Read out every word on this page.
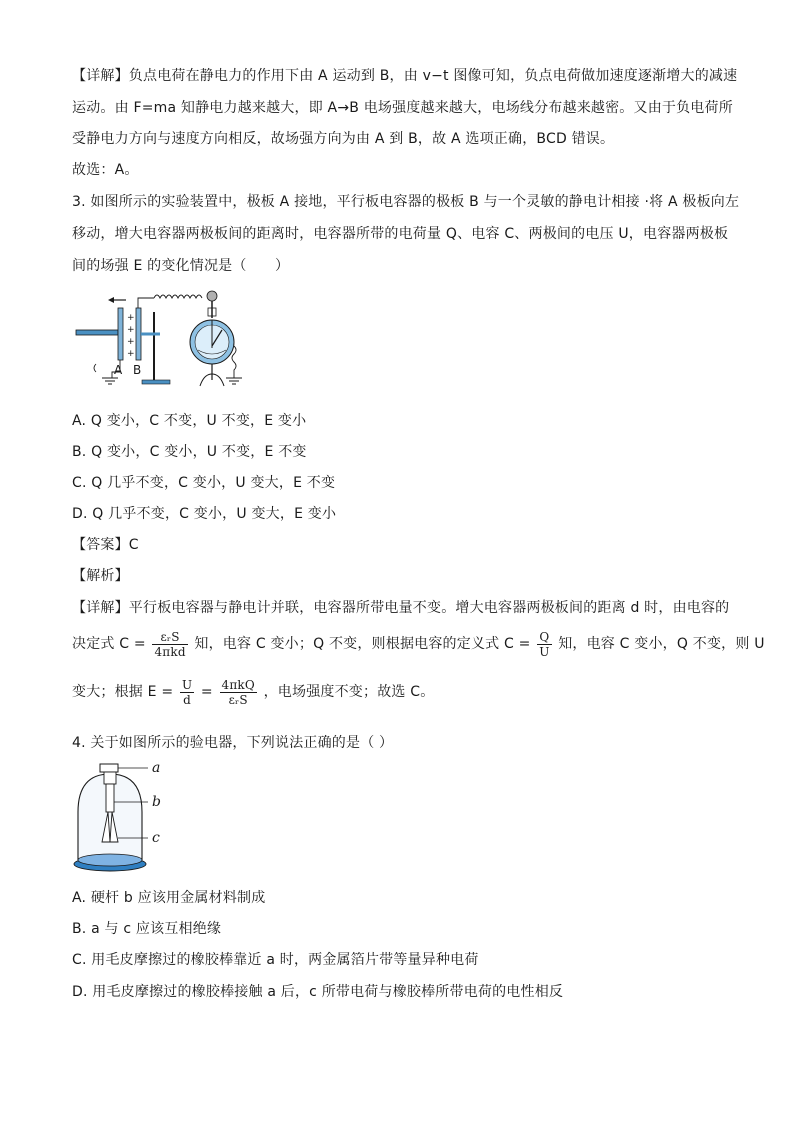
【详解】负点电荷在静电力的作用下由 A 运动到 B，由 v−t 图像可知，负点电荷做加速度逐渐增大的减速
运动。由 F=ma 知静电力越来越大，即 A→B 电场强度越来越大，电场线分布越来越密。又由于负电荷所
受静电力方向与速度方向相反，故场强方向为由 A 到 B，故 A 选项正确，BCD 错误。
故选：A。
3. 如图所示的实验装置中，极板 A 接地，平行板电容器的极板 B 与一个灵敏的静电计相接 ·将 A 极板向左
移动，增大电容器两极板间的距离时，电容器所带的电荷量 Q、电容 C、两极间的电压 U，电容器两极板
间的场强 E 的变化情况是（　　）
+
+
+
+
A B
A. Q 变小，C 不变，U 不变，E 变小
B. Q 变小，C 变小，U 不变，E 不变
C. Q 几乎不变，C 变小，U 变大，E 不变
D. Q 几乎不变，C 变小，U 变大，E 变小
【答案】C
【解析】
【详解】平行板电容器与静电计并联，电容器所带电量不变。增大电容器两极板间的距离 d 时，由电容的
决定式 $C = \frac{\text{εᵣS}}{\text{4πkd}}$ 知，电容 C 变小；Q 不变，则根据电容的定义式 $C = \frac{Q}{U}$ 知，电容 C 变小，Q 不变，则 U
变大；根据 $E = \frac{U}{d} = \frac{\text{4πkQ}}{\text{εᵣS}}$ ，电场强度不变；故选 C。
4. 关于如图所示的验电器，下列说法正确的是（ ）
a
b
c
A. 硬杆 b 应该用金属材料制成
B. a 与 c 应该互相绝缘
C. 用毛皮摩擦过的橡胶棒靠近 a 时，两金属箔片带等量异种电荷
D. 用毛皮摩擦过的橡胶棒接触 a 后，c 所带电荷与橡胶棒所带电荷的电性相反
